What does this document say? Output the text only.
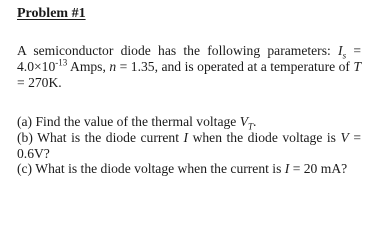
Problem #1

A semiconductor diode has the following parameters: $I_s = 4.0\times 10^{-13}$ Amps, n = 1.35, and is operated at a temperature of T = 270K.

(a) Find the value of the thermal voltage $V_T$.
(b) What is the diode current I when the diode voltage is V = 0.6V?
(c) What is the diode voltage when the current is I = 20 mA?
